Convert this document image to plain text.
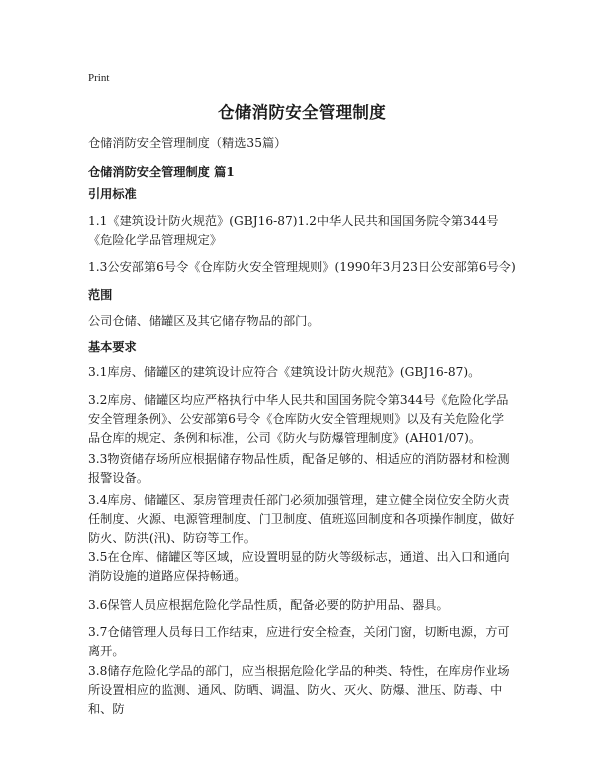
Print
仓储消防安全管理制度

仓储消防安全管理制度（精选35篇）

仓储消防安全管理制度 篇1

引用标准

1.1《建筑设计防火规范》(GBJ16-87)1.2中华人民共和国国务院令第344号《危险化学品管理规定》

1.3公安部第6号令《仓库防火安全管理规则》(1990年3月23日公安部第6号令)

范围

公司仓储、储罐区及其它储存物品的部门。

基本要求

3.1库房、储罐区的建筑设计应符合《建筑设计防火规范》(GBJ16-87)。

3.2库房、储罐区均应严格执行中华人民共和国国务院令第344号《危险化学品安全管理条例》、公安部第6号令《仓库防火安全管理规则》以及有关危险化学品仓库的规定、条例和标准，公司《防火与防爆管理制度》(AH01/07)。

3.3物资储存场所应根据储存物品性质，配备足够的、相适应的消防器材和检测报警设备。

3.4库房、储罐区、泵房管理责任部门必须加强管理，建立健全岗位安全防火责任制度、火源、电源管理制度、门卫制度、值班巡回制度和各项操作制度，做好防火、防洪(汛)、防窃等工作。

3.5在仓库、储罐区等区域，应设置明显的防火等级标志，通道、出入口和通向消防设施的道路应保持畅通。

3.6保管人员应根据危险化学品性质，配备必要的防护用品、器具。

3.7仓储管理人员每日工作结束，应进行安全检查，关闭门窗，切断电源，方可离开。

3.8储存危险化学品的部门，应当根据危险化学品的种类、特性，在库房作业场所设置相应的监测、通风、防晒、调温、防火、灭火、防爆、泄压、防毒、中和、防
